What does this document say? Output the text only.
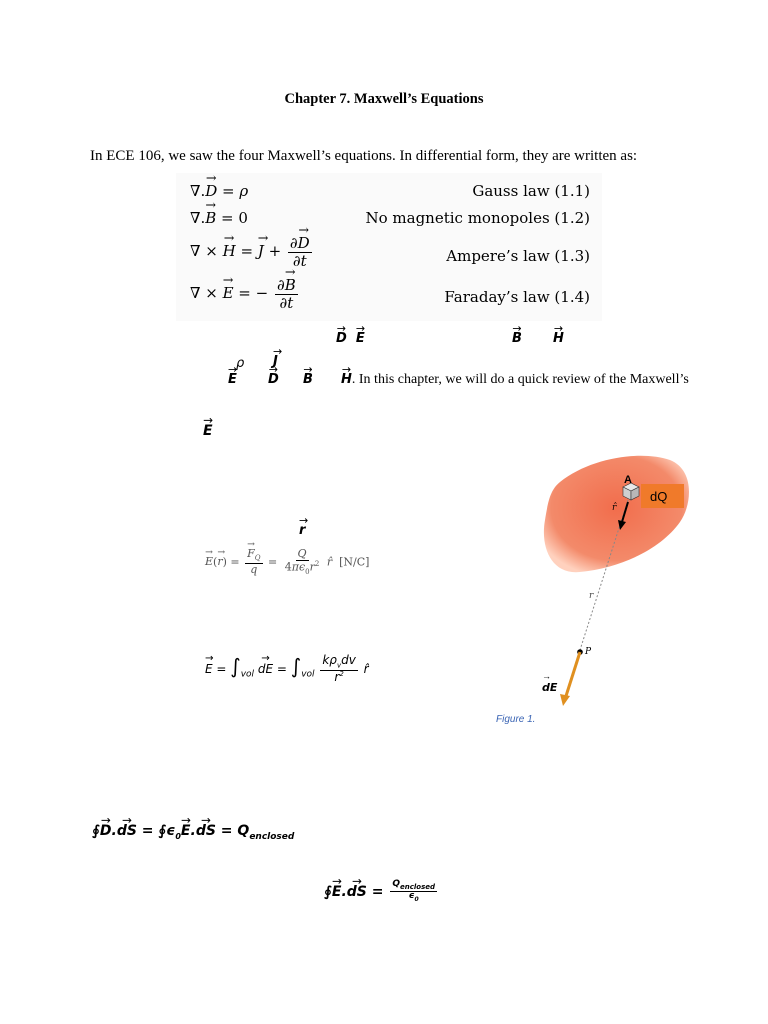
Chapter 7. Maxwell’s Equations
In ECE 106, we saw the four Maxwell’s equations. In differential form, they are written as:
∇.→ D = ρ	Gauss law (1.1)
∇.→ B = 0	No magnetic monopoles (1.2)
∇ × → H = → $J + \frac{\partial\to D}{\partial t}$	Ampere’s law (1.3)
∇ × → E = − $\frac{\partial\to B}{\partial t}$	Faraday’s law (1.4)
→ D → E	→ B → H
ρ → J
→ E → D → B → H. In this chapter, we will do a quick review of the Maxwell’s
→ E
→ r
→ E(→ r) = → $\frac{F_Q}{q} = \frac{Q}{4\pi\epsilon_0r^2}$ r̂ [N/C]
→ $E = \int_{vol}$ → dE = $\int_{vol} \frac{k\rho_vdv}{r^2}$ r̂
dQ
A
r̂
r
P
dE
→
Figure 1.
∮→ D.→ dS = $∮\epsilon_0\to E.\to$ dS = $Q_{enclosed}$
∮→ E.→ dS = $\frac{Q_{enclosed}}{\epsilon_0}$
